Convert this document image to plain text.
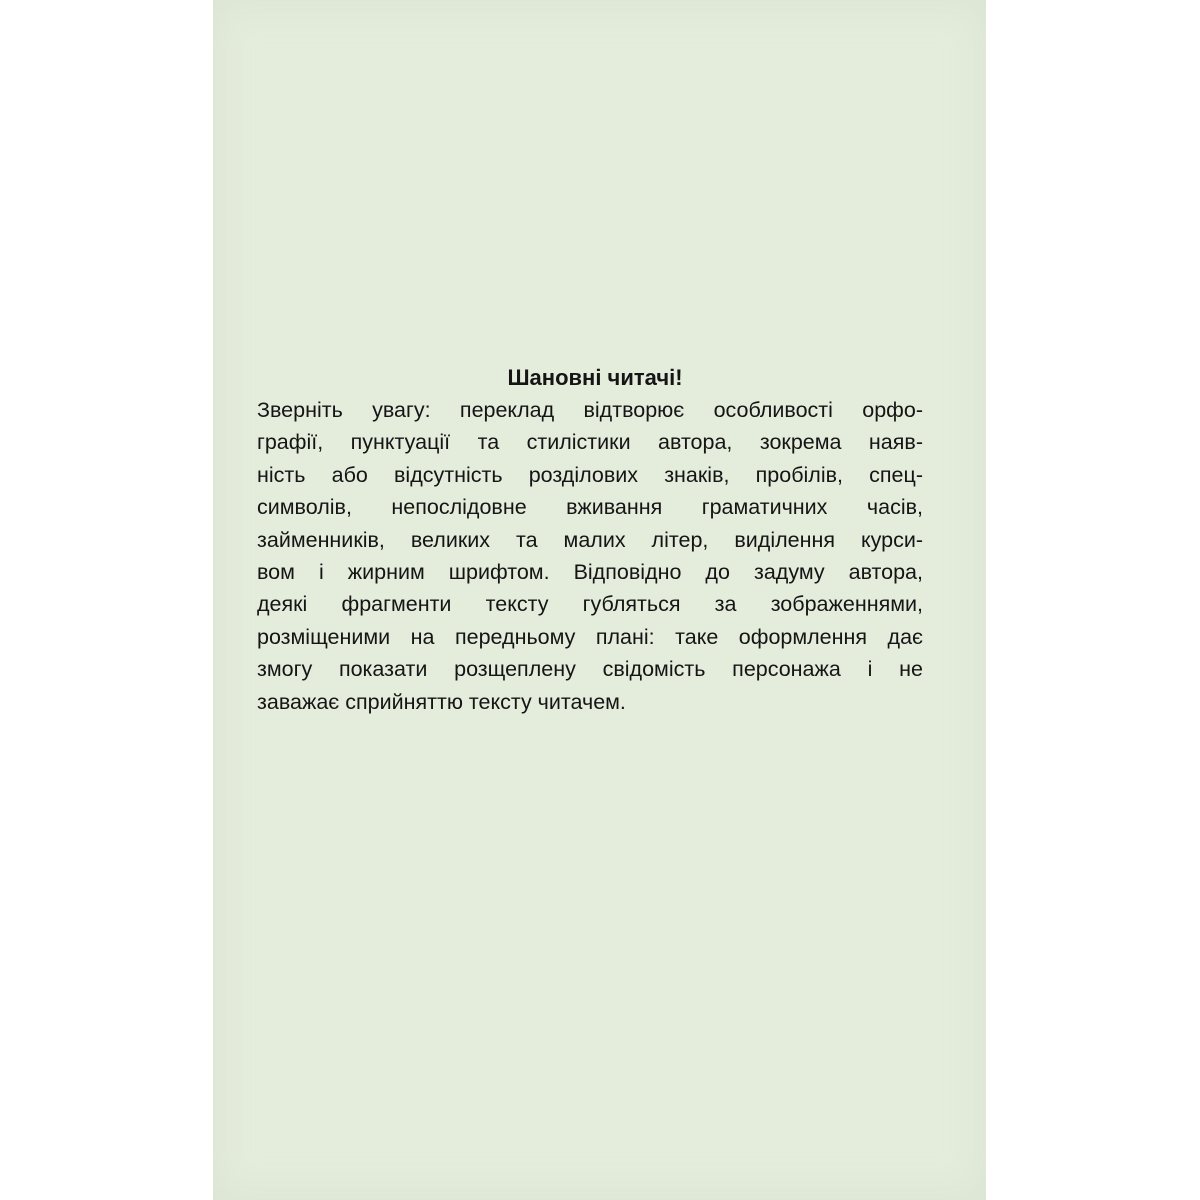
Шановні читачі!
Зверніть увагу: переклад відтворює особливості орфо-
графії, пунктуації та стилістики автора, зокрема наяв-
ність або відсутність розділових знаків, пробілів, спец-
символів, непослідовне вживання граматичних часів,
займенників, великих та малих літер, виділення курси-
вом і жирним шрифтом. Відповідно до задуму автора,
деякі фрагменти тексту губляться за зображеннями,
розміщеними на передньому плані: таке оформлення дає
змогу показати розщеплену свідомість персонажа і не
заважає сприйняттю тексту читачем.
